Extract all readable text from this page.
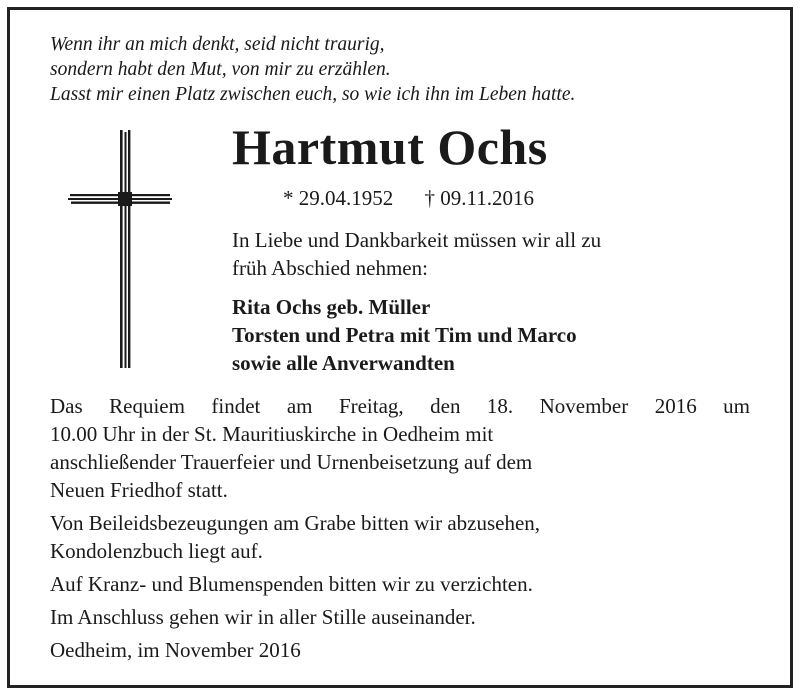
Wenn ihr an mich denkt, seid nicht traurig,
sondern habt den Mut, von mir zu erzählen.
Lasst mir einen Platz zwischen euch, so wie ich ihn im Leben hatte.
Hartmut Ochs
* 29.04.1952 † 09.11.2016
In Liebe und Dankbarkeit müssen wir all zu
früh Abschied nehmen:
Rita Ochs geb. Müller
Torsten und Petra mit Tim und Marco
sowie alle Anverwandten

Das Requiem findet am Freitag, den 18. November 2016 um
10.00 Uhr in der St. Mauritiuskirche in Oedheim mit
anschließender Trauerfeier und Urnenbeisetzung auf dem
Neuen Friedhof statt.

Von Beileidsbezeugungen am Grabe bitten wir abzusehen,
Kondolenzbuch liegt auf.

Auf Kranz- und Blumenspenden bitten wir zu verzichten.

Im Anschluss gehen wir in aller Stille auseinander.

Oedheim, im November 2016
